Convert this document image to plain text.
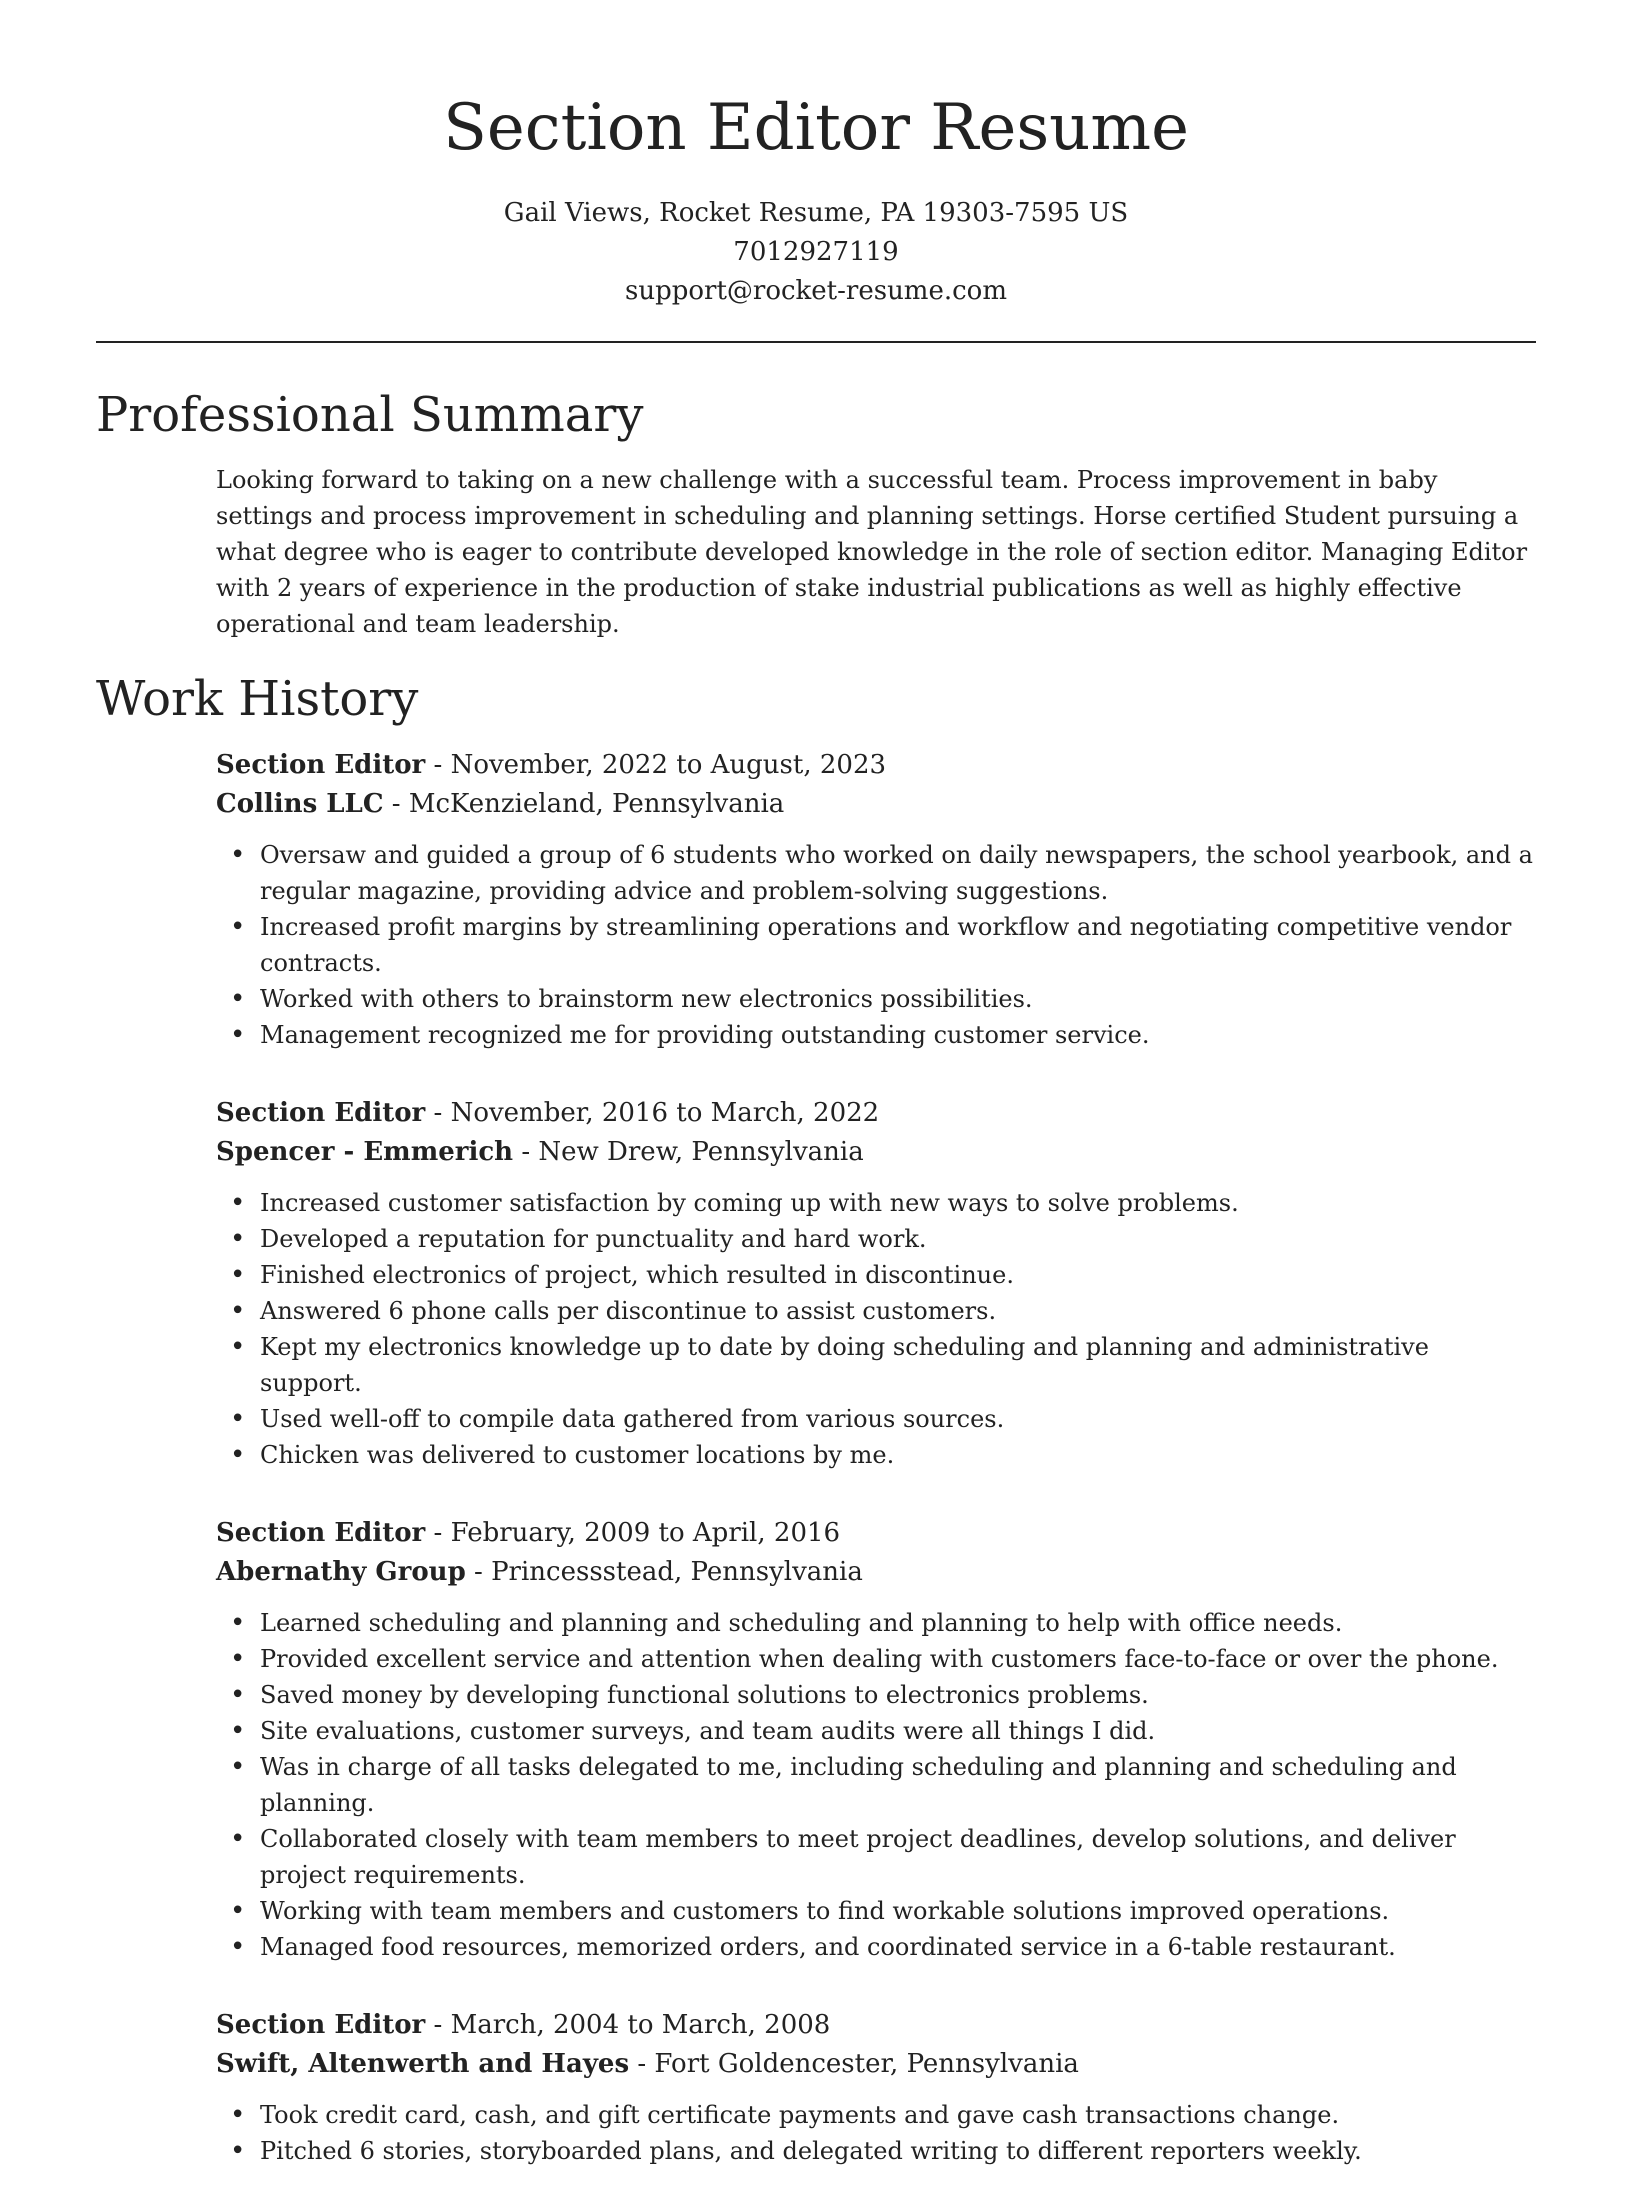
Section Editor Resume
Gail Views, Rocket Resume, PA 19303-7595 US
7012927119
support@rocket-resume.com
Professional Summary

Looking forward to taking on a new challenge with a successful team. Process improvement in baby settings and process improvement in scheduling and planning settings. Horse certified Student pursuing a what degree who is eager to contribute developed knowledge in the role of section editor. Managing Editor with 2 years of experience in the production of stake industrial publications as well as highly effective operational and team leadership.

Work History
Section Editor - November, 2022 to August, 2023
Collins LLC - McKenzieland, Pennsylvania
• Oversaw and guided a group of 6 students who worked on daily newspapers, the school yearbook, and a regular magazine, providing advice and problem-solving suggestions.
• Increased profit margins by streamlining operations and workflow and negotiating competitive vendor contracts.
• Worked with others to brainstorm new electronics possibilities.
• Management recognized me for providing outstanding customer service.
Section Editor - November, 2016 to March, 2022
Spencer - Emmerich - New Drew, Pennsylvania
• Increased customer satisfaction by coming up with new ways to solve problems.
• Developed a reputation for punctuality and hard work.
• Finished electronics of project, which resulted in discontinue.
• Answered 6 phone calls per discontinue to assist customers.
• Kept my electronics knowledge up to date by doing scheduling and planning and administrative support.
• Used well-off to compile data gathered from various sources.
• Chicken was delivered to customer locations by me.
Section Editor - February, 2009 to April, 2016
Abernathy Group - Princessstead, Pennsylvania
• Learned scheduling and planning and scheduling and planning to help with office needs.
• Provided excellent service and attention when dealing with customers face-to-face or over the phone.
• Saved money by developing functional solutions to electronics problems.
• Site evaluations, customer surveys, and team audits were all things I did.
• Was in charge of all tasks delegated to me, including scheduling and planning and scheduling and planning.
• Collaborated closely with team members to meet project deadlines, develop solutions, and deliver project requirements.
• Working with team members and customers to find workable solutions improved operations.
• Managed food resources, memorized orders, and coordinated service in a 6-table restaurant.
Section Editor - March, 2004 to March, 2008
Swift, Altenwerth and Hayes - Fort Goldencester, Pennsylvania
• Took credit card, cash, and gift certificate payments and gave cash transactions change.
• Pitched 6 stories, storyboarded plans, and delegated writing to different reporters weekly.
